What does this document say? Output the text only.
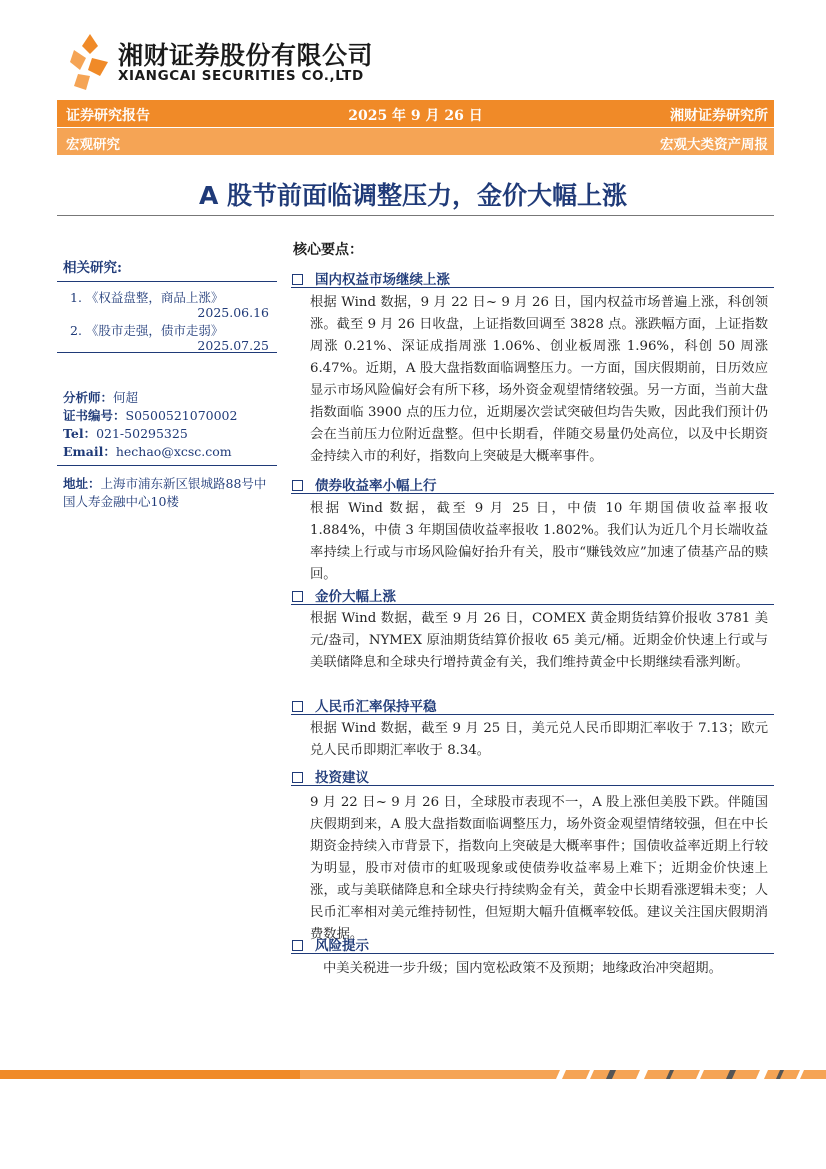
湘财证券股份有限公司
XIANGCAI SECURITIES CO.,LTD
证券研究报告	2025 年 9 月 26 日	湘财证券研究所
宏观研究	宏观大类资产周报
A 股节前面临调整压力，金价大幅上涨
相关研究:
1. 《权益盘整，商品上涨》
2025.06.16
2. 《股市走强，债市走弱》
2025.07.25
分析师：何超
证书编号：S0500521070002
Tel：021-50295325
Email：hechao@xcsc.com
地址：上海市浦东新区银城路88号中国人寿金融中心10楼
核心要点：
国内权益市场继续上涨
根据 Wind 数据，9 月 22 日~ 9 月 26 日，国内权益市场普遍上涨，科创领涨。截至 9 月 26 日收盘，上证指数回调至 3828 点。涨跌幅方面，上证指数周涨 0.21%、深证成指周涨 1.06%、创业板周涨 1.96%，科创 50 周涨 6.47%。近期，A 股大盘指数面临调整压力。一方面，国庆假期前，日历效应显示市场风险偏好会有所下移，场外资金观望情绪较强。另一方面，当前大盘指数面临 3900 点的压力位，近期屡次尝试突破但均告失败，因此我们预计仍会在当前压力位附近盘整。但中长期看，伴随交易量仍处高位，以及中长期资金持续入市的利好，指数向上突破是大概率事件。
债券收益率小幅上行
根据 Wind 数据，截至 9 月 25 日，中债 10 年期国债收益率报收 1.884%，中债 3 年期国债收益率报收 1.802%。我们认为近几个月长端收益率持续上行或与市场风险偏好抬升有关，股市“赚钱效应”加速了债基产品的赎回。
金价大幅上涨
根据 Wind 数据，截至 9 月 26 日，COMEX 黄金期货结算价报收 3781 美元/盎司，NYMEX 原油期货结算价报收 65 美元/桶。近期金价快速上行或与美联储降息和全球央行增持黄金有关，我们维持黄金中长期继续看涨判断。
人民币汇率保持平稳
根据 Wind 数据，截至 9 月 25 日，美元兑人民币即期汇率收于 7.13；欧元兑人民币即期汇率收于 8.34。
投资建议
9 月 22 日~ 9 月 26 日，全球股市表现不一，A 股上涨但美股下跌。伴随国庆假期到来，A 股大盘指数面临调整压力，场外资金观望情绪较强，但在中长期资金持续入市背景下，指数向上突破是大概率事件；国债收益率近期上行较为明显，股市对债市的虹吸现象或使债券收益率易上难下；近期金价快速上涨，或与美联储降息和全球央行持续购金有关，黄金中长期看涨逻辑未变；人民币汇率相对美元维持韧性，但短期大幅升值概率较低。建议关注国庆假期消费数据。
风险提示
中美关税进一步升级；国内宽松政策不及预期；地缘政治冲突超期。
